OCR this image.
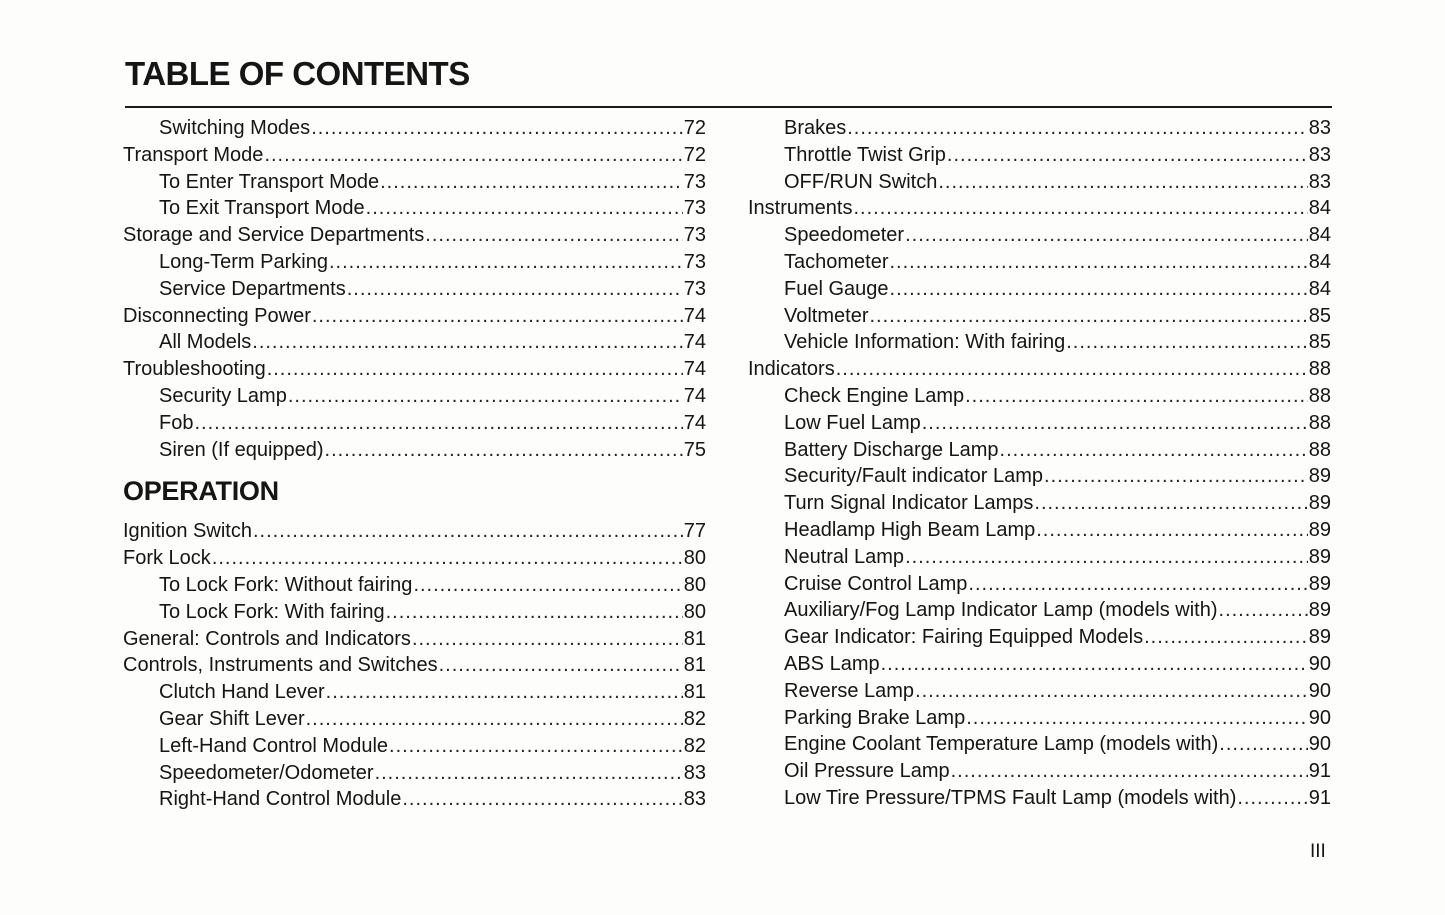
TABLE OF CONTENTS
Switching Modes .....	72
Transport Mode .....	72
To Enter Transport Mode .....	73
To Exit Transport Mode .....	73
Storage and Service Departments .....	73
Long-Term Parking .....	73
Service Departments .....	73
Disconnecting Power .....	74
All Models .....	74
Troubleshooting .....	74
Security Lamp .....	74
Fob .....	74
Siren (If equipped) .....	75
OPERATION
Ignition Switch .....	77
Fork Lock .....	80
To Lock Fork: Without fairing .....	80
To Lock Fork: With fairing .....	80
General: Controls and Indicators .....	81
Controls, Instruments and Switches .....	81
Clutch Hand Lever .....	81
Gear Shift Lever .....	82
Left-Hand Control Module .....	82
Speedometer/Odometer .....	83
Right-Hand Control Module .....	83
Brakes .....	83
Throttle Twist Grip .....	83
OFF/RUN Switch .....	83
Instruments .....	84
Speedometer .....	84
Tachometer .....	84
Fuel Gauge .....	84
Voltmeter .....	85
Vehicle Information: With fairing .....	85
Indicators .....	88
Check Engine Lamp .....	88
Low Fuel Lamp .....	88
Battery Discharge Lamp .....	88
Security/Fault indicator Lamp .....	89
Turn Signal Indicator Lamps .....	89
Headlamp High Beam Lamp .....	89
Neutral Lamp .....	89
Cruise Control Lamp .....	89
Auxiliary/Fog Lamp Indicator Lamp (models with) .....	89
Gear Indicator: Fairing Equipped Models .....	89
ABS Lamp .....	90
Reverse Lamp .....	90
Parking Brake Lamp .....	90
Engine Coolant Temperature Lamp (models with) .....	90
Oil Pressure Lamp .....	91
Low Tire Pressure/TPMS Fault Lamp (models with) .....	91
III
